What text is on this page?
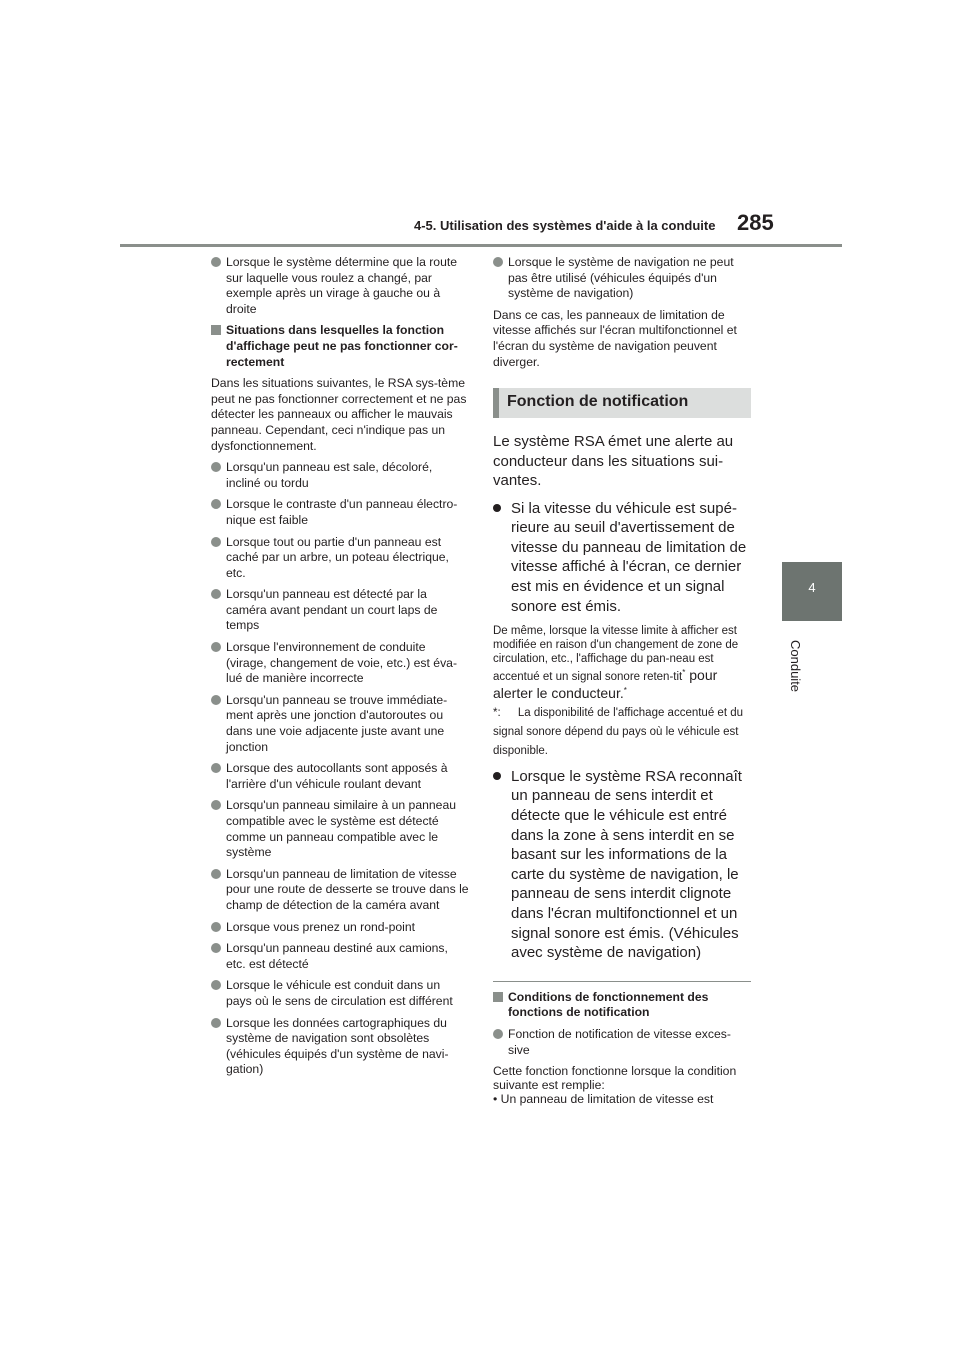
4-5. Utilisation des systèmes d'aide à la conduite 285
4
Conduite
Lorsque le système détermine que la route sur laquelle vous roulez a changé, par exemple après un virage à gauche ou à droite
Situations dans lesquelles la fonction d'affichage peut ne pas fonctionner cor-rectement
Dans les situations suivantes, le RSA sys-tème peut ne pas fonctionner correctement et ne pas détecter les panneaux ou afficher le mauvais panneau. Cependant, ceci n'indique pas un dysfonctionnement.
Lorsqu'un panneau est sale, décoloré, incliné ou tordu
Lorsque le contraste d'un panneau électro-nique est faible
Lorsque tout ou partie d'un panneau est caché par un arbre, un poteau électrique, etc.
Lorsqu'un panneau est détecté par la caméra avant pendant un court laps de temps
Lorsque l'environnement de conduite (virage, changement de voie, etc.) est éva-lué de manière incorrecte
Lorsqu'un panneau se trouve immédiate-ment après une jonction d'autoroutes ou dans une voie adjacente juste avant une jonction
Lorsque des autocollants sont apposés à l'arrière d'un véhicule roulant devant
Lorsqu'un panneau similaire à un panneau compatible avec le système est détecté comme un panneau compatible avec le système
Lorsqu'un panneau de limitation de vitesse pour une route de desserte se trouve dans le champ de détection de la caméra avant
Lorsque vous prenez un rond-point
Lorsqu'un panneau destiné aux camions, etc. est détecté
Lorsque le véhicule est conduit dans un pays où le sens de circulation est différent
Lorsque les données cartographiques du système de navigation sont obsolètes (véhicules équipés d'un système de navi-gation)
Lorsque le système de navigation ne peut pas être utilisé (véhicules équipés d'un système de navigation)
Dans ce cas, les panneaux de limitation de vitesse affichés sur l'écran multifonctionnel et l'écran du système de navigation peuvent diverger.
Fonction de notification
Le système RSA émet une alerte au conducteur dans les situations sui-vantes.
Si la vitesse du véhicule est supé-rieure au seuil d'avertissement de vitesse du panneau de limitation de vitesse affiché à l'écran, ce dernier est mis en évidence et un signal sonore est émis.
De même, lorsque la vitesse limite à afficher est modifiée en raison d'un changement de zone de circulation, etc., l'affichage du pan-neau est accentué et un signal sonore reten-tit* pour alerter le conducteur.*
*: La disponibilité de l'affichage accentué et du signal sonore dépend du pays où le véhicule est disponible.
Lorsque le système RSA reconnaît un panneau de sens interdit et détecte que le véhicule est entré dans la zone à sens interdit en se basant sur les informations de la carte du système de navigation, le panneau de sens interdit clignote dans l'écran multifonctionnel et un signal sonore est émis. (Véhicules avec système de navigation)
Conditions de fonctionnement des fonctions de notification
Fonction de notification de vitesse exces-sive
Cette fonction fonctionne lorsque la condition suivante est remplie:
• Un panneau de limitation de vitesse est
